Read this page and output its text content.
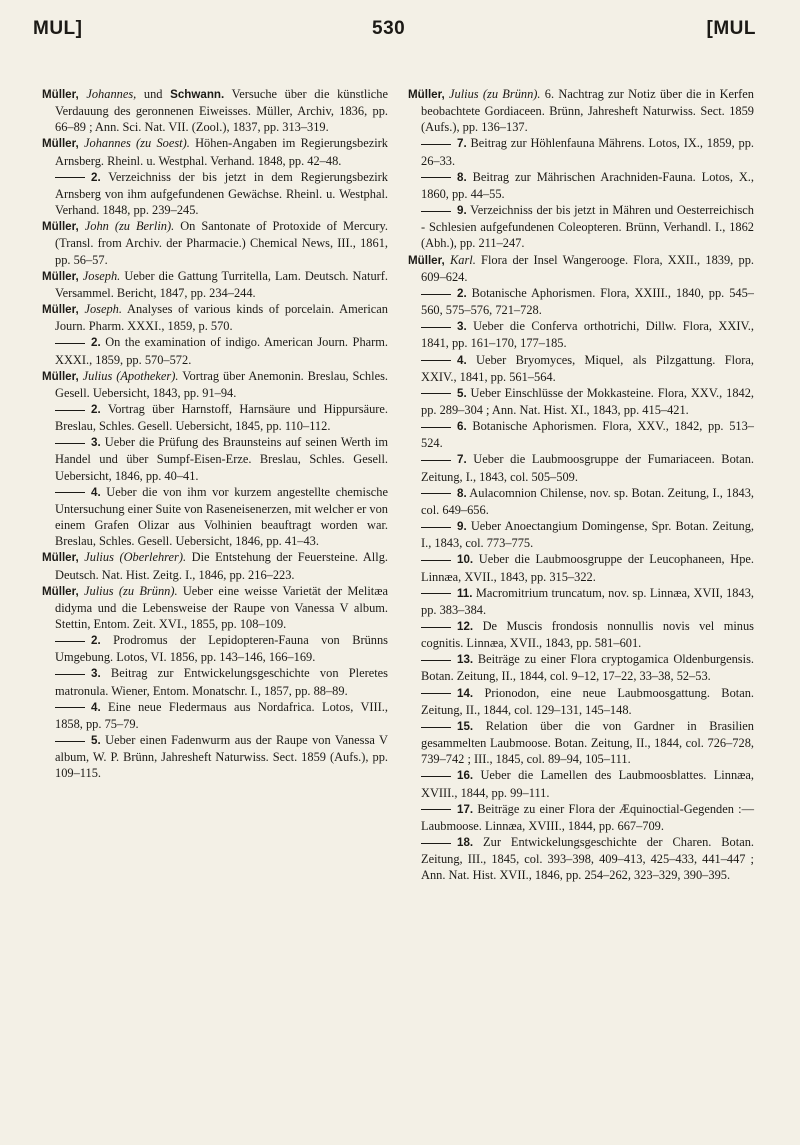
MUL]	530	[MUL

Müller, Johannes, und Schwann. Versuche über die künstliche Verdauung des geronnenen Eiweisses. Müller, Archiv, 1836, pp. 66–89 ; Ann. Sci. Nat. VII. (Zool.), 1837, pp. 313–319.

Müller, Johannes (zu Soest). Höhen-Angaben im Regierungsbezirk Arnsberg. Rheinl. u. Westphal. Verhand. 1848, pp. 42–48.

2. Verzeichniss der bis jetzt in dem Regierungsbezirk Arnsberg von ihm aufgefundenen Gewächse. Rheinl. u. Westphal. Verhand. 1848, pp. 239–245.

Müller, John (zu Berlin). On Santonate of Protoxide of Mercury. (Transl. from Archiv. der Pharmacie.) Chemical News, III., 1861, pp. 56–57.

Müller, Joseph. Ueber die Gattung Turritella, Lam. Deutsch. Naturf. Versammel. Bericht, 1847, pp. 234–244.

Müller, Joseph. Analyses of various kinds of porcelain. American Journ. Pharm. XXXI., 1859, p. 570.

2. On the examination of indigo. American Journ. Pharm. XXXI., 1859, pp. 570–572.

Müller, Julius (Apotheker). Vortrag über Anemonin. Breslau, Schles. Gesell. Uebersicht, 1843, pp. 91–94.

2. Vortrag über Harnstoff, Harnsäure und Hippursäure. Breslau, Schles. Gesell. Uebersicht, 1845, pp. 110–112.

3. Ueber die Prüfung des Braunsteins auf seinen Werth im Handel und über Sumpf-Eisen-Erze. Breslau, Schles. Gesell. Uebersicht, 1846, pp. 40–41.

4. Ueber die von ihm vor kurzem angestellte chemische Untersuchung einer Suite von Raseneisenerzen, mit welcher er von einem Grafen Olizar aus Volhinien beauftragt worden war. Breslau, Schles. Gesell. Uebersicht, 1846, pp. 41–43.

Müller, Julius (Oberlehrer). Die Entstehung der Feuersteine. Allg. Deutsch. Nat. Hist. Zeitg. I., 1846, pp. 216–223.

Müller, Julius (zu Brünn). Ueber eine weisse Varietät der Melitæa didyma und die Lebensweise der Raupe von Vanessa V album. Stettin, Entom. Zeit. XVI., 1855, pp. 108–109.

2. Prodromus der Lepidopteren-Fauna von Brünns Umgebung. Lotos, VI. 1856, pp. 143–146, 166–169.

3. Beitrag zur Entwickelungsgeschichte von Pleretes matronula. Wiener, Entom. Monatschr. I., 1857, pp. 88–89.

4. Eine neue Fledermaus aus Nordafrica. Lotos, VIII., 1858, pp. 75–79.

5. Ueber einen Fadenwurm aus der Raupe von Vanessa V album, W. P. Brünn, Jahresheft Naturwiss. Sect. 1859 (Aufs.), pp. 109–115.

Müller, Julius (zu Brünn). 6. Nachtrag zur Notiz über die in Kerfen beobachtete Gordiaceen. Brünn, Jahresheft Naturwiss. Sect. 1859 (Aufs.), pp. 136–137.

7. Beitrag zur Höhlenfauna Mährens. Lotos, IX., 1859, pp. 26–33.

8. Beitrag zur Mährischen Arachniden-Fauna. Lotos, X., 1860, pp. 44–55.

9. Verzeichniss der bis jetzt in Mähren und Oesterreichisch - Schlesien aufgefundenen Coleopteren. Brünn, Verhandl. I., 1862 (Abh.), pp. 211–247.

Müller, Karl. Flora der Insel Wangerooge. Flora, XXII., 1839, pp. 609–624.

2. Botanische Aphorismen. Flora, XXIII., 1840, pp. 545–560, 575–576, 721–728.

3. Ueber die Conferva orthotrichi, Dillw. Flora, XXIV., 1841, pp. 161–170, 177–185.

4. Ueber Bryomyces, Miquel, als Pilzgattung. Flora, XXIV., 1841, pp. 561–564.

5. Ueber Einschlüsse der Mokkasteine. Flora, XXV., 1842, pp. 289–304 ; Ann. Nat. Hist. XI., 1843, pp. 415–421.

6. Botanische Aphorismen. Flora, XXV., 1842, pp. 513–524.

7. Ueber die Laubmoosgruppe der Fumariaceen. Botan. Zeitung, I., 1843, col. 505–509.

8. Aulacomnion Chilense, nov. sp. Botan. Zeitung, I., 1843, col. 649–656.

9. Ueber Anoectangium Domingense, Spr. Botan. Zeitung, I., 1843, col. 773–775.

10. Ueber die Laubmoosgruppe der Leucophaneen, Hpe. Linnæa, XVII., 1843, pp. 315–322.

11. Macromitrium truncatum, nov. sp. Linnæa, XVII, 1843, pp. 383–384.

12. De Muscis frondosis nonnullis novis vel minus cognitis. Linnæa, XVII., 1843, pp. 581–601.

13. Beiträge zu einer Flora cryptogamica Oldenburgensis. Botan. Zeitung, II., 1844, col. 9–12, 17–22, 33–38, 52–53.

14. Prionodon, eine neue Laubmoosgattung. Botan. Zeitung, II., 1844, col. 129–131, 145–148.

15. Relation über die von Gardner in Brasilien gesammelten Laubmoose. Botan. Zeitung, II., 1844, col. 726–728, 739–742 ; III., 1845, col. 89–94, 105–111.

16. Ueber die Lamellen des Laubmoosblattes. Linnæa, XVIII., 1844, pp. 99–111.

17. Beiträge zu einer Flora der Æquinoctial-Gegenden :—Laubmoose. Linnæa, XVIII., 1844, pp. 667–709.

18. Zur Entwickelungsgeschichte der Charen. Botan. Zeitung, III., 1845, col. 393–398, 409–413, 425–433, 441–447 ; Ann. Nat. Hist. XVII., 1846, pp. 254–262, 323–329, 390–395.
